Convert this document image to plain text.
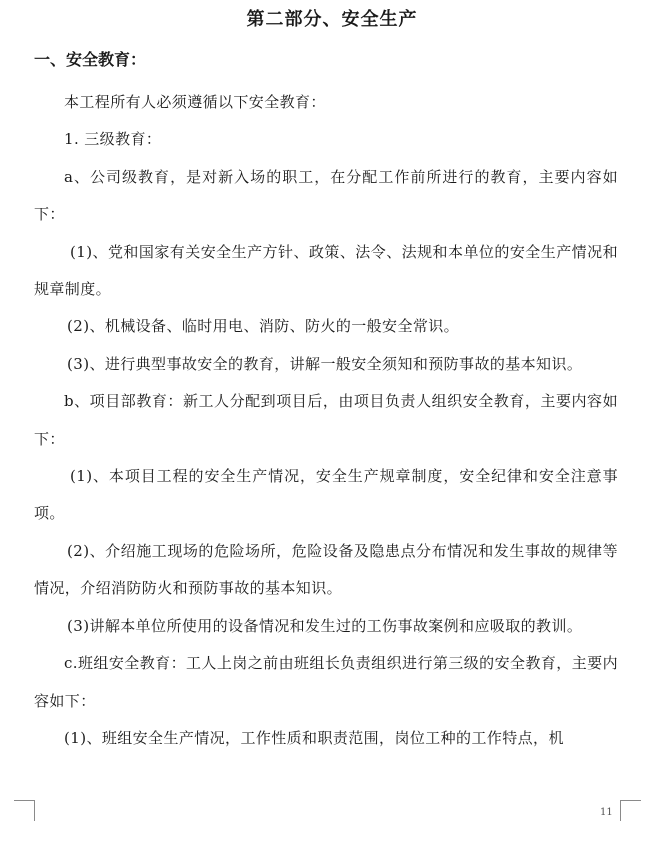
第二部分、安全生产
一、安全教育：

本工程所有人必须遵循以下安全教育：

1. 三级教育：

a、公司级教育，是对新入场的职工，在分配工作前所进行的教育，主要内容如下：

(1)、党和国家有关安全生产方针、政策、法令、法规和本单位的安全生产情况和规章制度。

(2)、机械设备、临时用电、消防、防火的一般安全常识。

(3)、进行典型事故安全的教育，讲解一般安全须知和预防事故的基本知识。

b、项目部教育：新工人分配到项目后，由项目负责人组织安全教育，主要内容如下：

(1)、本项目工程的安全生产情况，安全生产规章制度，安全纪律和安全注意事项。

(2)、介绍施工现场的危险场所，危险设备及隐患点分布情况和发生事故的规律等情况，介绍消防防火和预防事故的基本知识。

(3)讲解本单位所使用的设备情况和发生过的工伤事故案例和应吸取的教训。

c.班组安全教育：工人上岗之前由班组长负责组织进行第三级的安全教育，主要内容如下：

(1)、班组安全生产情况，工作性质和职责范围，岗位工种的工作特点，机

11
